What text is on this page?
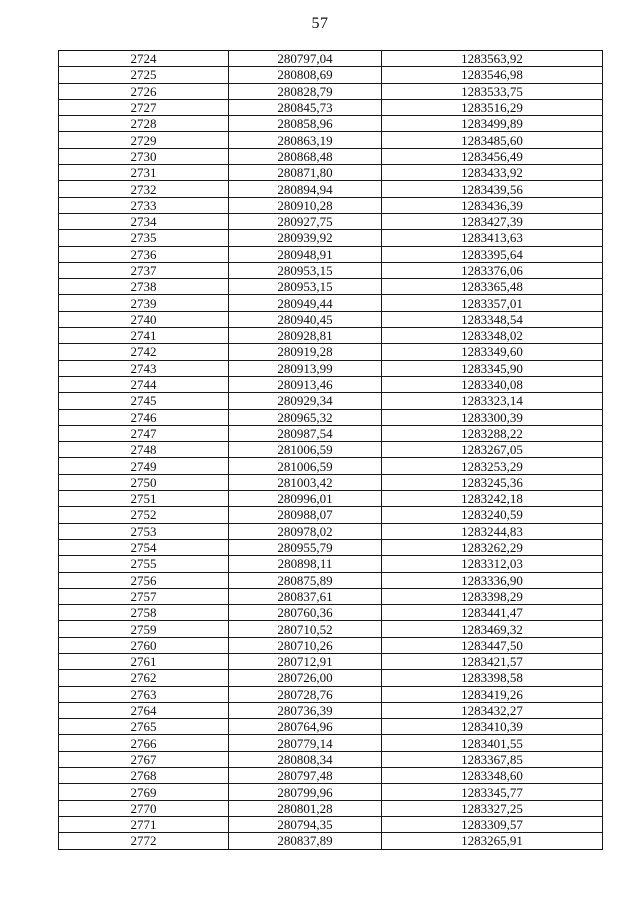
57
2724	280797,04	1283563,92
2725	280808,69	1283546,98
2726	280828,79	1283533,75
2727	280845,73	1283516,29
2728	280858,96	1283499,89
2729	280863,19	1283485,60
2730	280868,48	1283456,49
2731	280871,80	1283433,92
2732	280894,94	1283439,56
2733	280910,28	1283436,39
2734	280927,75	1283427,39
2735	280939,92	1283413,63
2736	280948,91	1283395,64
2737	280953,15	1283376,06
2738	280953,15	1283365,48
2739	280949,44	1283357,01
2740	280940,45	1283348,54
2741	280928,81	1283348,02
2742	280919,28	1283349,60
2743	280913,99	1283345,90
2744	280913,46	1283340,08
2745	280929,34	1283323,14
2746	280965,32	1283300,39
2747	280987,54	1283288,22
2748	281006,59	1283267,05
2749	281006,59	1283253,29
2750	281003,42	1283245,36
2751	280996,01	1283242,18
2752	280988,07	1283240,59
2753	280978,02	1283244,83
2754	280955,79	1283262,29
2755	280898,11	1283312,03
2756	280875,89	1283336,90
2757	280837,61	1283398,29
2758	280760,36	1283441,47
2759	280710,52	1283469,32
2760	280710,26	1283447,50
2761	280712,91	1283421,57
2762	280726,00	1283398,58
2763	280728,76	1283419,26
2764	280736,39	1283432,27
2765	280764,96	1283410,39
2766	280779,14	1283401,55
2767	280808,34	1283367,85
2768	280797,48	1283348,60
2769	280799,96	1283345,77
2770	280801,28	1283327,25
2771	280794,35	1283309,57
2772	280837,89	1283265,91
